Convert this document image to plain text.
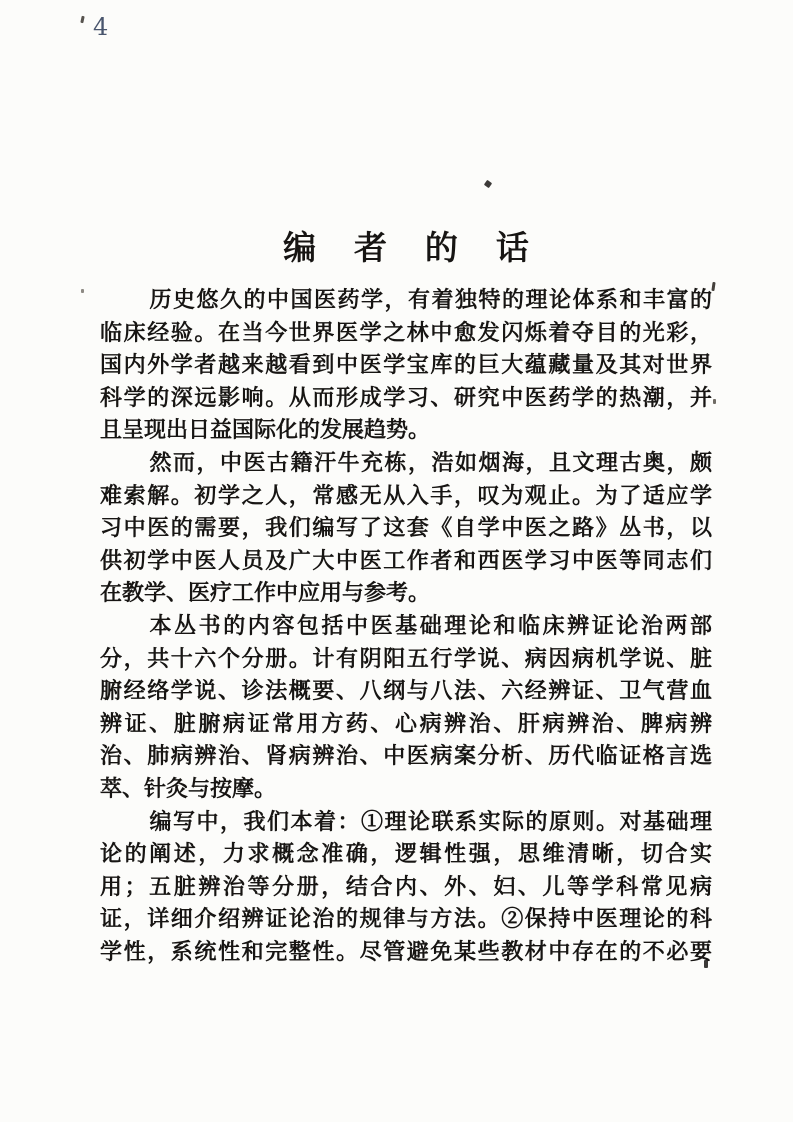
4
编 者 的 话
历史悠久的中国医药学，有着独特的理论体系和丰富的
临床经验。在当今世界医学之林中愈发闪烁着夺目的光彩，
国内外学者越来越看到中医学宝库的巨大蕴藏量及其对世界
科学的深远影响。从而形成学习、研究中医药学的热潮，并
且呈现出日益国际化的发展趋势。
然而，中医古籍汗牛充栋，浩如烟海，且文理古奥，颇
难索解。初学之人，常感无从入手，叹为观止。为了适应学
习中医的需要，我们编写了这套《自学中医之路》丛书，以
供初学中医人员及广大中医工作者和西医学习中医等同志们
在教学、医疗工作中应用与参考。
本丛书的内容包括中医基础理论和临床辨证论治两部
分，共十六个分册。计有阴阳五行学说、病因病机学说、脏
腑经络学说、诊法概要、八纲与八法、六经辨证、卫气营血
辨证、脏腑病证常用方药、心病辨治、肝病辨治、脾病辨
治、肺病辨治、肾病辨治、中医病案分析、历代临证格言选
萃、针灸与按摩。
编写中，我们本着：①理论联系实际的原则。对基础理
论的阐述，力求概念准确，逻辑性强，思维清晰，切合实
用；五脏辨治等分册，结合内、外、妇、儿等学科常见病
证，详细介绍辨证论治的规律与方法。②保持中医理论的科
学性，系统性和完整性。尽管避免某些教材中存在的不必要
